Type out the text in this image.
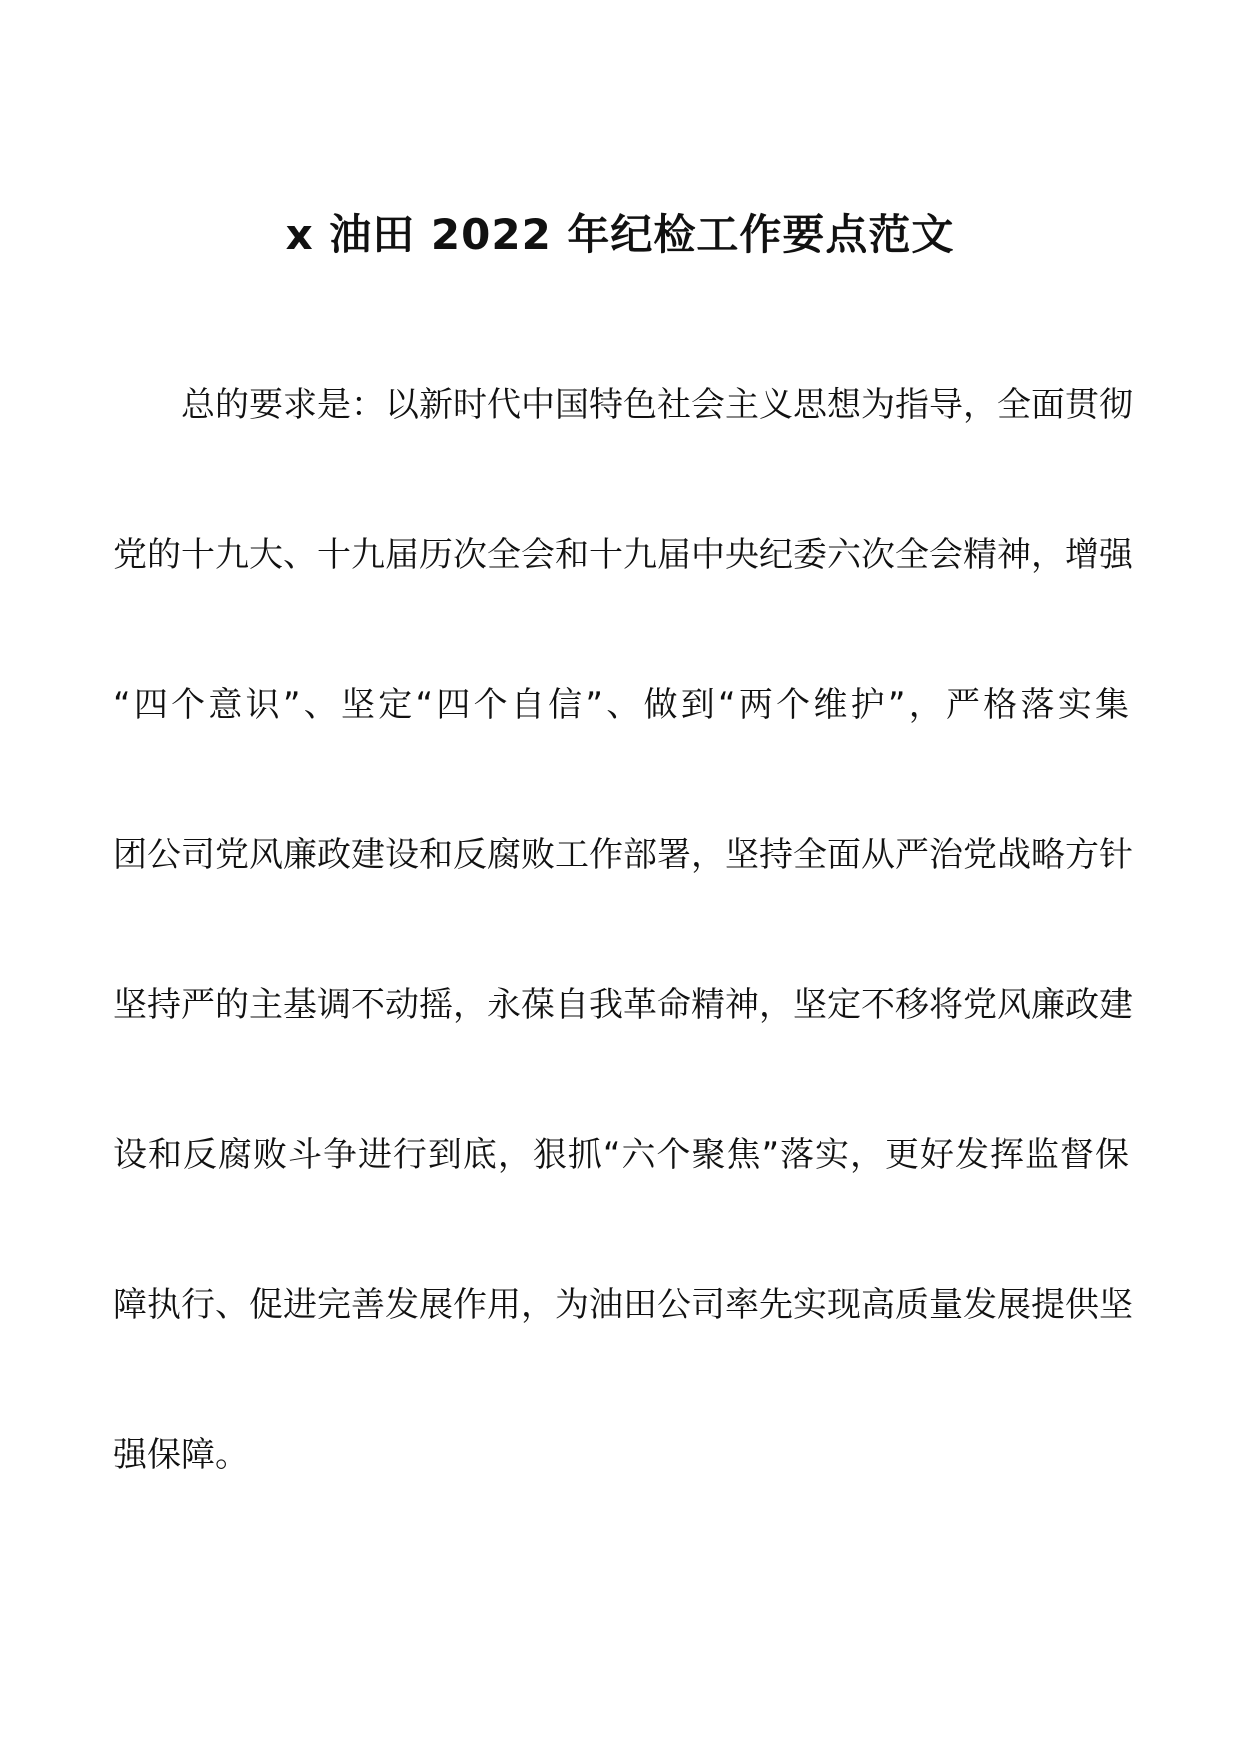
x 油田 2022 年纪检工作要点范文
总的要求是：以新时代中国特色社会主义思想为指导，全面贯彻
党的十九大、十九届历次全会和十九届中央纪委六次全会精神，增强
“四个意识”、坚定“四个自信”、做到“两个维护”，严格落实集
团公司党风廉政建设和反腐败工作部署，坚持全面从严治党战略方针
坚持严的主基调不动摇，永葆自我革命精神，坚定不移将党风廉政建
设和反腐败斗争进行到底，狠抓“六个聚焦”落实，更好发挥监督保
障执行、促进完善发展作用，为油田公司率先实现高质量发展提供坚
强保障。
